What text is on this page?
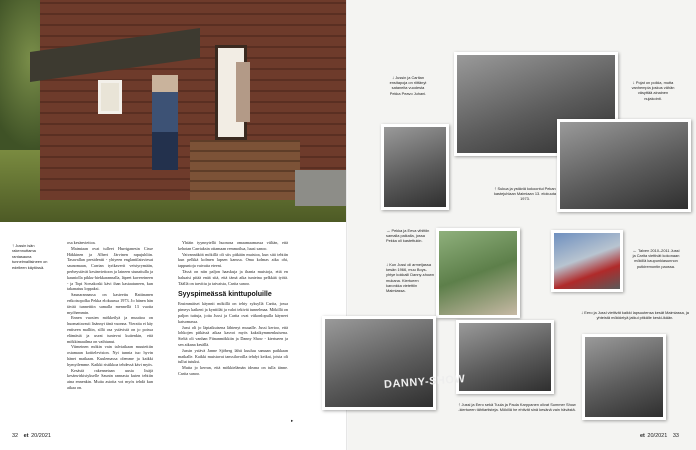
↑Jussin isän rakennuttama rantasauna tunnelmallisineen on edelleen käytössä.

osa kesänviettoa.

Maimiaan ovat tulleet Hurriganesin Cisse Häkkinen ja Albert Järvinen rapujuhliin. Tasavallan presidentti - yhtyeen englantilaisviesat saunomaan, Carrian tyrikaverit veistyrymään, perheystävät kesänviettoon ja laineen siunattulla ja kauniolla pikku-hiekkarannalla, läpeet kavereineen - ja Topi Sorsakoski kävi ihan kastaatuneen, kun takanatuu loppaksi.

Saunarannassa on kasteettu Rattinanen erikoisopolka Pekka elokuussa 1973. Jo hänen hän tävää tunnettiin samalla mennellä 13 vuotta myöhemmin.

Ennen vuosien mökkeilyä ja muuttoa on huomattavasti lisännyt tänä vuonna. Vieraita ei käy entiseen malliin, sillä osa ystävistä on jo poissa elämästä ja useat tuntevat kuitenkin, että mökkimaailma on vaihtunut.

Viimeinen mökin vain talviaikaan muutettiin ostamaan kotitelevision. Nyt tunnia tuo hyvin hänet matkaan. Kuulemassa olemme ja kaikki hymyilemme. Kaikki ristikkoa tehdessä kävi myös.

Kesästä rakennetaan uusia lisäjä kesänvirkistykselle Saunin rannasta kuten tehtiin aina ennenkin. Muita asioita voi myös tehdä kun aikaa on.

Yhtäin tyynnytellä huonosa omaamaamassa viiltän, että kehotan Carriaksin ottamaan remmoilua, luusi sanoo.

Vaivannäköä mökillä oli siis pitkään muistoa, kun sitä tehtiin kun pelkkä kolmen lapsen kanssa. Oma kolmas aika ohi, tappuntoja vaivatta eteeni.

Tässä on niin paljon haaskuja ja ihania muistoja, että en haluaisi pitää enää sitä, että tämä aika tunteina pelkkää työtä. Täällä on tarvittu ja taivaista, Carita sanoo.

Syyspimeässä kinttupoluille

Ensimmäiset käynnit mökillä on tehty syksyllä Carita, jossa pimeys kaikeni ja kynttilät ja valot tekivät tunnelmaa. Mökillä on paljon tuttuja, joita Jussi ja Carita ovat viikonlopulla käyneet katsomassa.

Jussi oli jo läpiaikuisena lähtenyt muualle. Jussi kertoo, että lohkojen pitkässä aikaa kasvoi myös kaksikymmenkuisena. Sieltä oli vanhan Fiinanmökkiin ja Danny Show - kiertueen ja sen aikana kesällä.

Jussin ystävä Janne Sjöberg lähti kuuluu samaan paikkaan matkalle. Kaikki muistavat tanssilavoilla tehdyt keikat, joista oli tullut tutuksi.

Mutta jo kerran, että mökkielämän ideana on tulla tänne. Carita sanoo.

▸
32 et 20/2021
↓Jussin ja Caritan ensitapoja on riittänyt sataneita vuodesta Pekka Peavo Juhani.
↓Pojat on poikia, mutta vanhempia joskus vähän väsyttää ainainen nujakointi.
↑Sukua ja ystäviä kokoontui Pekan kastejuhlaan Maimiaan 13. elokuuta 1973.
→Pekka ja Eeva vihittiin samalla paikalla, jossa Pekka oli kastettukin.
↓Kun Jussi oli armeijassa kesän 1966, muu Boys-yhtye kokkaili Danny-shown mukana. Kiertueen karonkka vietettiin Maimiassa.
←Talven 2010–2011 Jussi ja Carita viettivät kokonaan mökillä kaupunkiasunnon putkiremontin paossa.
↓Eero ja Jussi viettivät kaikki lapsuutensa kesät Maimiassa, ja yhteistä mökkielyä jatkui pitkälle keski-ikään.
↑Jussi ja Eero sekä Tuula ja Paula Karppanen olivat Summer Show -kiertueen tähtiartisteja. Mökillä he ehtivät sinä kesänä vain hävästä.
et 20/2021 33
DANNY-SHOW
